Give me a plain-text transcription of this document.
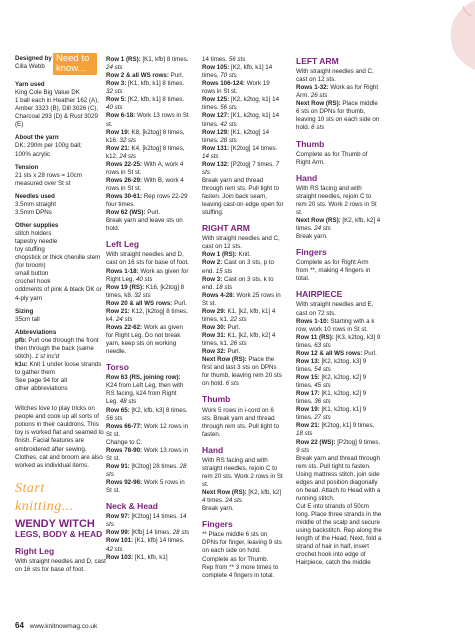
Designed by
Cilla Webb
Need to know...
Yarn used
King Cole Big Value DK
1 ball each in Heather 162 (A),
Amber 3323 (B), Dill 3026 (C),
Charcoal 293 (D) & Rust 3029 (E)
About the yarn
DK; 290m per 100g ball;
100% acrylic
Tension
21 sts x 28 rows = 10cm
measured over St st
Needles used
3.5mm straight
3.5mm DPNs
Other supplies
stitch holders
tapestry needle
toy stuffing
chopstick or thick chenille stem
(for broom)
small button
crochet hook
oddments of pink & black DK or
4-ply yarn
Sizing
35cm tall
Abbreviations
pfb: Purl one through the front
then through the back (same
stitch). 1 st inc'd
k1u: Knit 1 under loose strands
to gather them
See page 94 for all
other abbreviations
Witches love to play tricks on people and cook up all sorts of potions in their cauldrons. This toy is worked flat and seamed to finish. Facial features are embroidered after sewing. Clothes, cat and broom are also worked as individual items.
Start knitting...
WENDY WITCH
LEGS, BODY & HEAD
Right Leg
With straight needles and D, cast on 16 sts for base of foot.
Row 1 (RS): [K1, kfb] 8 times. 24 sts
Row 2 & all WS rows: Purl.
Row 3: [K1, kfb, k1] 8 times. 32 sts
Row 5: [K2, kfb, k1] 8 times. 40 sts
Row 6-18: Work 13 rows in St st.
Row 19: K8, [k2tog] 8 times, k16. 32 sts
Row 21: K4, [k2tog] 8 times, k12. 24 sts
Rows 22-25: With A, work 4 rows in St st.
Rows 26-29: With B, work 4 rows in St st.
Rows 30-61: Rep rows 22-29 four times.
Row 62 (WS): Purl.
Break yarn and leave sts on hold.
Left Leg
With straight needles and D, cast on 16 sts for base of foot.
Rows 1-18: Work as given for Right Leg. 40 sts
Row 19 (RS): K16, [k2tog] 8 times, k8. 32 sts
Row 20 & all WS rows: Purl.
Row 21: K12, [k2tog] 8 times, k4. 24 sts
Rows 22-62: Work as given for Right Leg. Do not break yarn, keep sts on working needle.
Torso
Row 63 (RS, joining row): K24 from Left Leg, then with RS facing, k24 from Right Leg. 48 sts
Row 65: [K2, kfb, k3] 8 times. 56 sts
Rows 66-77: Work 12 rows in St st.
Change to C.
Rows 78-90: Work 13 rows in St st.
Row 91: [K2tog] 28 times. 28 sts
Rows 92-96: Work 5 rows in St st.
Neck & Head
Row 97: [K2tog] 14 times. 14 sts
Row 99: [Kfb] 14 times. 28 sts
Row 101: [K1, kfb] 14 times. 42 sts
Row 103: [K1, kfb, k1]
14 times. 56 sts
Row 105: [K2, kfb, k1] 14 times. 70 sts
Rows 106-124: Work 19 rows in St st.
Row 125: [K2, k2tog, k1] 14 times. 56 sts
Row 127: [K1, k2tog, k1] 14 times. 42 sts
Row 129: [K1, k2tog] 14 times. 28 sts
Row 131: [K2tog] 14 times. 14 sts
Row 132: [P2tog] 7 times. 7 sts
Break yarn and thread through rem sts. Pull tight to fasten. Join back seam, leaving cast-on edge open for stuffing.
RIGHT ARM
With straight needles and C, cast on 12 sts.
Row 1 (RS): Knit.
Row 2: Cast on 3 sts, p to end. 15 sts
Row 3: Cast on 3 sts, k to end. 18 sts
Rows 4-28: Work 25 rows in St st.
Row 29: K1, [k2, kfb, k1] 4 times, k1. 22 sts
Row 30: Purl.
Row 31: K1, [k2, kfb, k2] 4 times, k1. 26 sts
Row 32: Purl.
Next Row (RS): Place the first and last 3 sts on DPNs for thumb, leaving rem 20 sts on hold. 6 sts
Thumb
Work 5 rows in i-cord on 6 sts. Break yarn and thread through rem sts. Pull tight to fasten.
Hand
With RS facing and with straight needles, rejoin C to rem 20 sts. Work 2 rows in St st.
Next Row (RS): [K2, kfb, k2] 4 times. 24 sts
Break yarn.
Fingers
** Place middle 6 sts on DPNs for finger, leaving 9 sts on each side on hold.
Complete as for Thumb.
Rep from ** 3 more times to complete 4 fingers in total.
LEFT ARM
With straight needles and C, cast on 12 sts.
Rows 1-32: Work as for Right Arm. 26 sts
Next Row (RS): Place middle 6 sts on DPNs for thumb, leaving 10 sts on each side on hold. 6 sts
Thumb
Complete as for Thumb of Right Arm.
Hand
With RS facing and with straight needles, rejoin C to rem 20 sts. Work 2 rows in St st.
Next Row (RS): [K2, kfb, k2] 4 times. 24 sts
Break yarn.
Fingers
Complete as for Right Arm from **, making 4 fingers in total.
HAIRPIECE
With straight needles and E, cast on 72 sts.
Rows 1-10: Starting with a k row, work 10 rows in St st.
Row 11 (RS): [K3, k2tog, k3] 9 times. 63 sts
Row 12 & all WS rows: Purl.
Row 13: [K2, k2tog, k3] 9 times. 54 sts
Row 15: [K2, k2tog, k2] 9 times. 45 sts
Row 17: [K1, k2tog, k2] 9 times. 36 sts
Row 19: [K1, k2tog, k1] 9 times. 27 sts
Row 21: [K2tog, k1] 9 times. 18 sts
Row 22 (WS): [P2tog] 9 times. 9 sts
Break yarn and thread through rem sts. Pull tight to fasten. Using mattress stitch, join side edges and position diagonally on head. Attach to Head with a running stitch.
Cut E into strands of 50cm long. Place three strands in the middle of the scalp and secure using backstitch. Rep along the length of the Head. Next, fold a strand of hair in half, insert crochet hook into edge of Hairpiece, catch the middle
64 www.knitnowmag.co.uk
